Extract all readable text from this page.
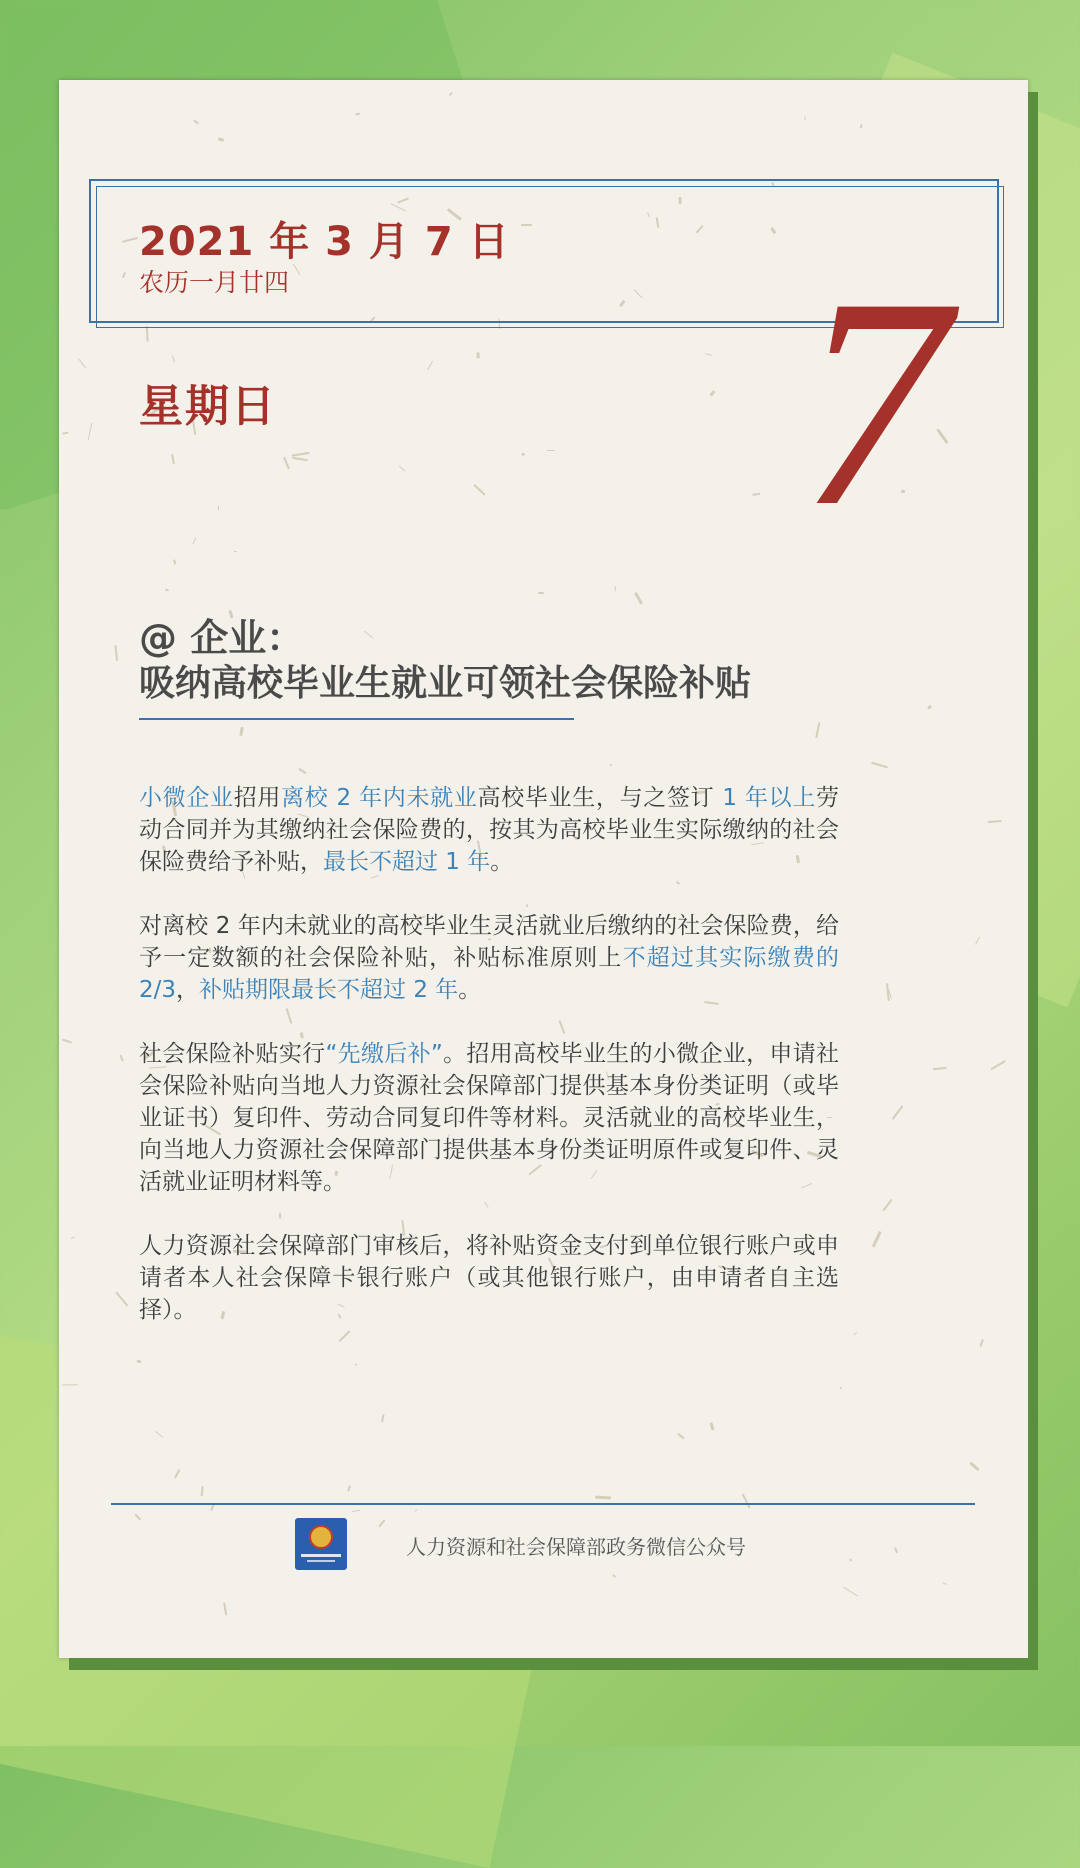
2021 年 3 月 7 日

农历一月廿四

星期日 7

@ 企业：
吸纳高校毕业生就业可领社会保险补贴

小微企业招用离校 2 年内未就业高校毕业生，与之签订 1 年以上劳动合同并为其缴纳社会保险费的，按其为高校毕业生实际缴纳的社会保险费给予补贴，最长不超过 1 年。

对离校 2 年内未就业的高校毕业生灵活就业后缴纳的社会保险费，给予一定数额的社会保险补贴，补贴标准原则上不超过其实际缴费的 2/3，补贴期限最长不超过 2 年。

社会保险补贴实行“先缴后补”。招用高校毕业生的小微企业，申请社会保险补贴向当地人力资源社会保障部门提供基本身份类证明（或毕业证书）复印件、劳动合同复印件等材料。灵活就业的高校毕业生，向当地人力资源社会保障部门提供基本身份类证明原件或复印件、灵活就业证明材料等。

人力资源社会保障部门审核后，将补贴资金支付到单位银行账户或申请者本人社会保障卡银行账户（或其他银行账户，由申请者自主选择）。

人力资源和社会保障部政务微信公众号
